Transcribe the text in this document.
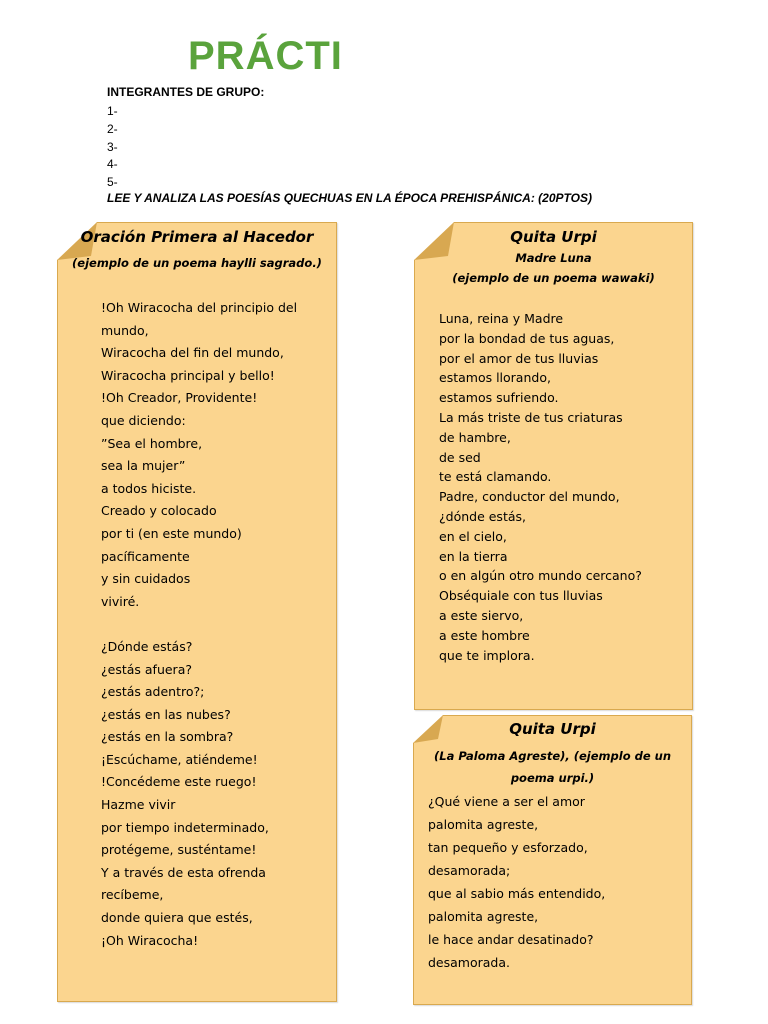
PRÁCTI
INTEGRANTES DE GRUPO:
1-
2-
3-
4-
5-
LEE Y ANALIZA LAS POESÍAS QUECHUAS EN LA ÉPOCA PREHISPÁNICA: (20PTOS)
Oración Primera al Hacedor
(ejemplo de un poema haylli sagrado.)
!Oh Wiracocha del principio del
mundo,
Wiracocha del fin del mundo,
Wiracocha principal y bello!
!Oh Creador, Providente!
que diciendo:
”Sea el hombre,
sea la mujer”
a todos hiciste.
Creado y colocado
por ti (en este mundo)
pacíficamente
y sin cuidados
viviré.
¿Dónde estás?
¿estás afuera?
¿estás adentro?;
¿estás en las nubes?
¿estás en la sombra?
¡Escúchame, atiéndeme!
!Concédeme este ruego!
Hazme vivir
por tiempo indeterminado,
protégeme, susténtame!
Y a través de esta ofrenda
recíbeme,
donde quiera que estés,
¡Oh Wiracocha!
Quita Urpi
Madre Luna
(ejemplo de un poema wawaki)
Luna, reina y Madre
por la bondad de tus aguas,
por el amor de tus lluvias
estamos llorando,
estamos sufriendo.
La más triste de tus criaturas
de hambre,
de sed
te está clamando.
Padre, conductor del mundo,
¿dónde estás,
en el cielo,
en la tierra
o en algún otro mundo cercano?
Obséquiale con tus lluvias
a este siervo,
a este hombre
que te implora.
Quita Urpi
(La Paloma Agreste), (ejemplo de un
poema urpi.)
¿Qué viene a ser el amor
palomita agreste,
tan pequeño y esforzado,
desamorada;
que al sabio más entendido,
palomita agreste,
le hace andar desatinado?
desamorada.
